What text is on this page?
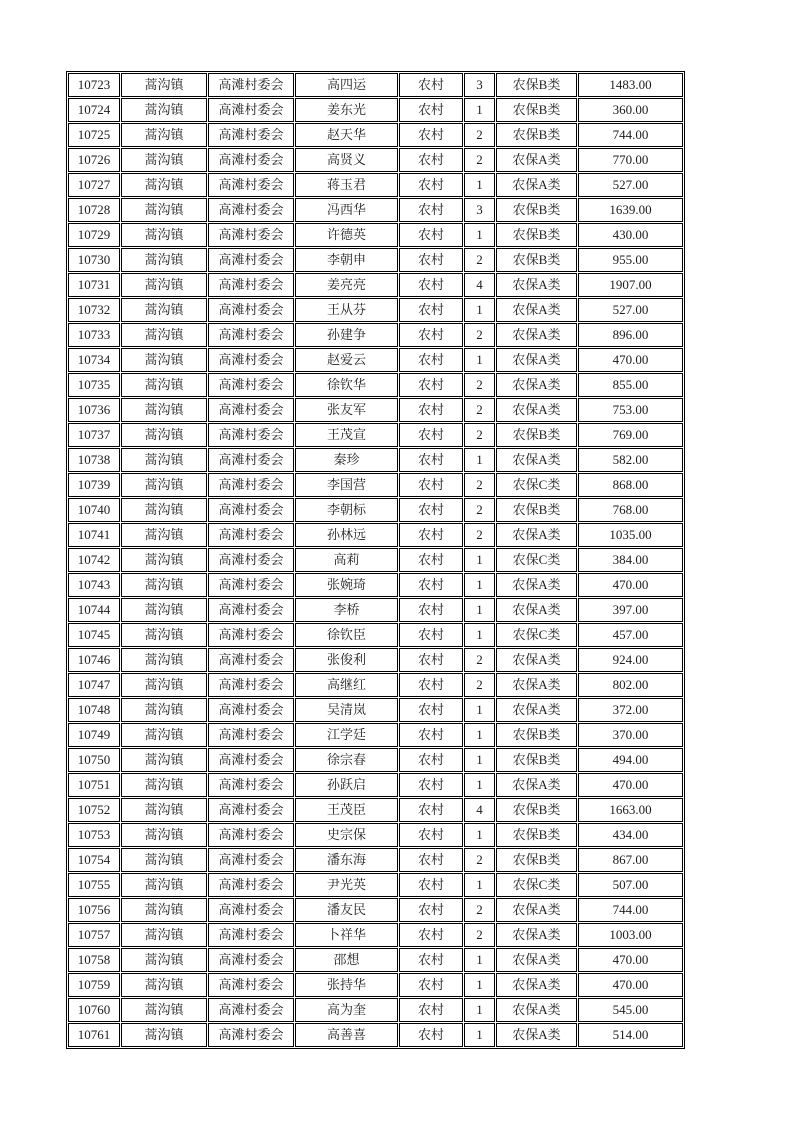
10723	蒿沟镇	高滩村委会	高四运	农村	3	农保B类	1483.00
10724	蒿沟镇	高滩村委会	姜东光	农村	1	农保B类	360.00
10725	蒿沟镇	高滩村委会	赵天华	农村	2	农保B类	744.00
10726	蒿沟镇	高滩村委会	高贤义	农村	2	农保A类	770.00
10727	蒿沟镇	高滩村委会	蒋玉君	农村	1	农保A类	527.00
10728	蒿沟镇	高滩村委会	冯西华	农村	3	农保B类	1639.00
10729	蒿沟镇	高滩村委会	许德英	农村	1	农保B类	430.00
10730	蒿沟镇	高滩村委会	李朝申	农村	2	农保B类	955.00
10731	蒿沟镇	高滩村委会	姜亮亮	农村	4	农保A类	1907.00
10732	蒿沟镇	高滩村委会	王从芬	农村	1	农保A类	527.00
10733	蒿沟镇	高滩村委会	孙建争	农村	2	农保A类	896.00
10734	蒿沟镇	高滩村委会	赵爱云	农村	1	农保A类	470.00
10735	蒿沟镇	高滩村委会	徐钦华	农村	2	农保A类	855.00
10736	蒿沟镇	高滩村委会	张友军	农村	2	农保A类	753.00
10737	蒿沟镇	高滩村委会	王茂宣	农村	2	农保B类	769.00
10738	蒿沟镇	高滩村委会	秦珍	农村	1	农保A类	582.00
10739	蒿沟镇	高滩村委会	李国营	农村	2	农保C类	868.00
10740	蒿沟镇	高滩村委会	李朝标	农村	2	农保B类	768.00
10741	蒿沟镇	高滩村委会	孙林远	农村	2	农保A类	1035.00
10742	蒿沟镇	高滩村委会	高莉	农村	1	农保C类	384.00
10743	蒿沟镇	高滩村委会	张婉琦	农村	1	农保A类	470.00
10744	蒿沟镇	高滩村委会	李桥	农村	1	农保A类	397.00
10745	蒿沟镇	高滩村委会	徐钦臣	农村	1	农保C类	457.00
10746	蒿沟镇	高滩村委会	张俊利	农村	2	农保A类	924.00
10747	蒿沟镇	高滩村委会	高继红	农村	2	农保A类	802.00
10748	蒿沟镇	高滩村委会	吴清岚	农村	1	农保A类	372.00
10749	蒿沟镇	高滩村委会	江学廷	农村	1	农保B类	370.00
10750	蒿沟镇	高滩村委会	徐宗春	农村	1	农保B类	494.00
10751	蒿沟镇	高滩村委会	孙跃启	农村	1	农保A类	470.00
10752	蒿沟镇	高滩村委会	王茂臣	农村	4	农保B类	1663.00
10753	蒿沟镇	高滩村委会	史宗保	农村	1	农保B类	434.00
10754	蒿沟镇	高滩村委会	潘东海	农村	2	农保B类	867.00
10755	蒿沟镇	高滩村委会	尹光英	农村	1	农保C类	507.00
10756	蒿沟镇	高滩村委会	潘友民	农村	2	农保A类	744.00
10757	蒿沟镇	高滩村委会	卜祥华	农村	2	农保A类	1003.00
10758	蒿沟镇	高滩村委会	邵想	农村	1	农保A类	470.00
10759	蒿沟镇	高滩村委会	张持华	农村	1	农保A类	470.00
10760	蒿沟镇	高滩村委会	高为奎	农村	1	农保A类	545.00
10761	蒿沟镇	高滩村委会	高善喜	农村	1	农保A类	514.00
